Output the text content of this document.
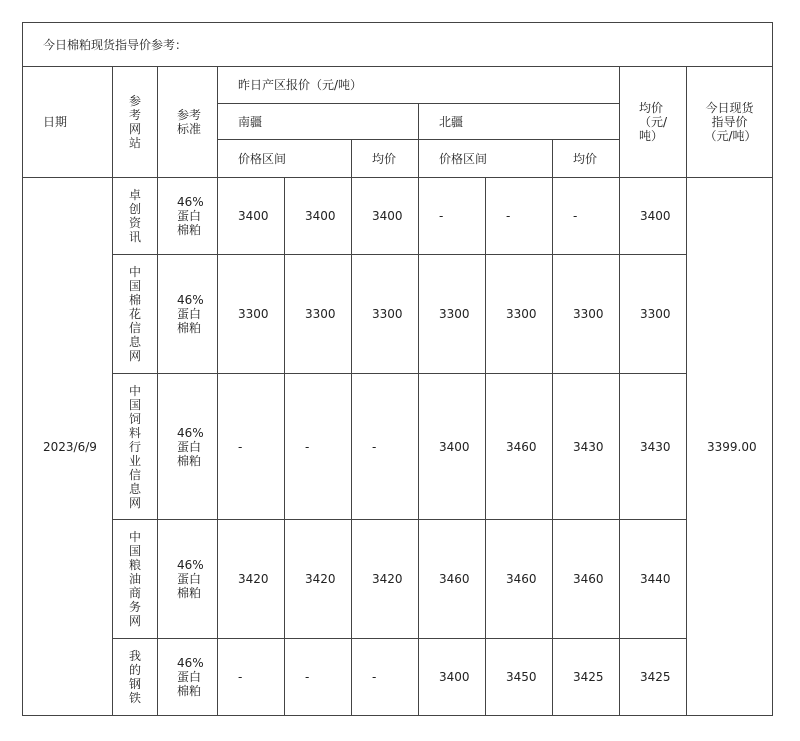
今日棉粕现货指导价参考：										
日期	参考网站	参考标准	昨日产区报价（元/吨）						均价（元/吨）	今日现货指导价（元/吨）

			南疆			北疆				
			价格区间		均价	价格区间		均价		
2023/6/9	卓创资讯	46%蛋白棉粕	3400	3400	3400	-	-	-	3400	3399.00

	中国棉花信息网	46%蛋白棉粕	3300	3300	3300	3300	3300	3300	3300	

	中国饲料行业信息网	46%蛋白棉粕	-	-	-	3400	3460	3430	3430	

	中国粮油商务网	46%蛋白棉粕	3420	3420	3420	3460	3460	3460	3440	

	我的钢铁	46%蛋白棉粕	-	-	-	3400	3450	3425	3425	
